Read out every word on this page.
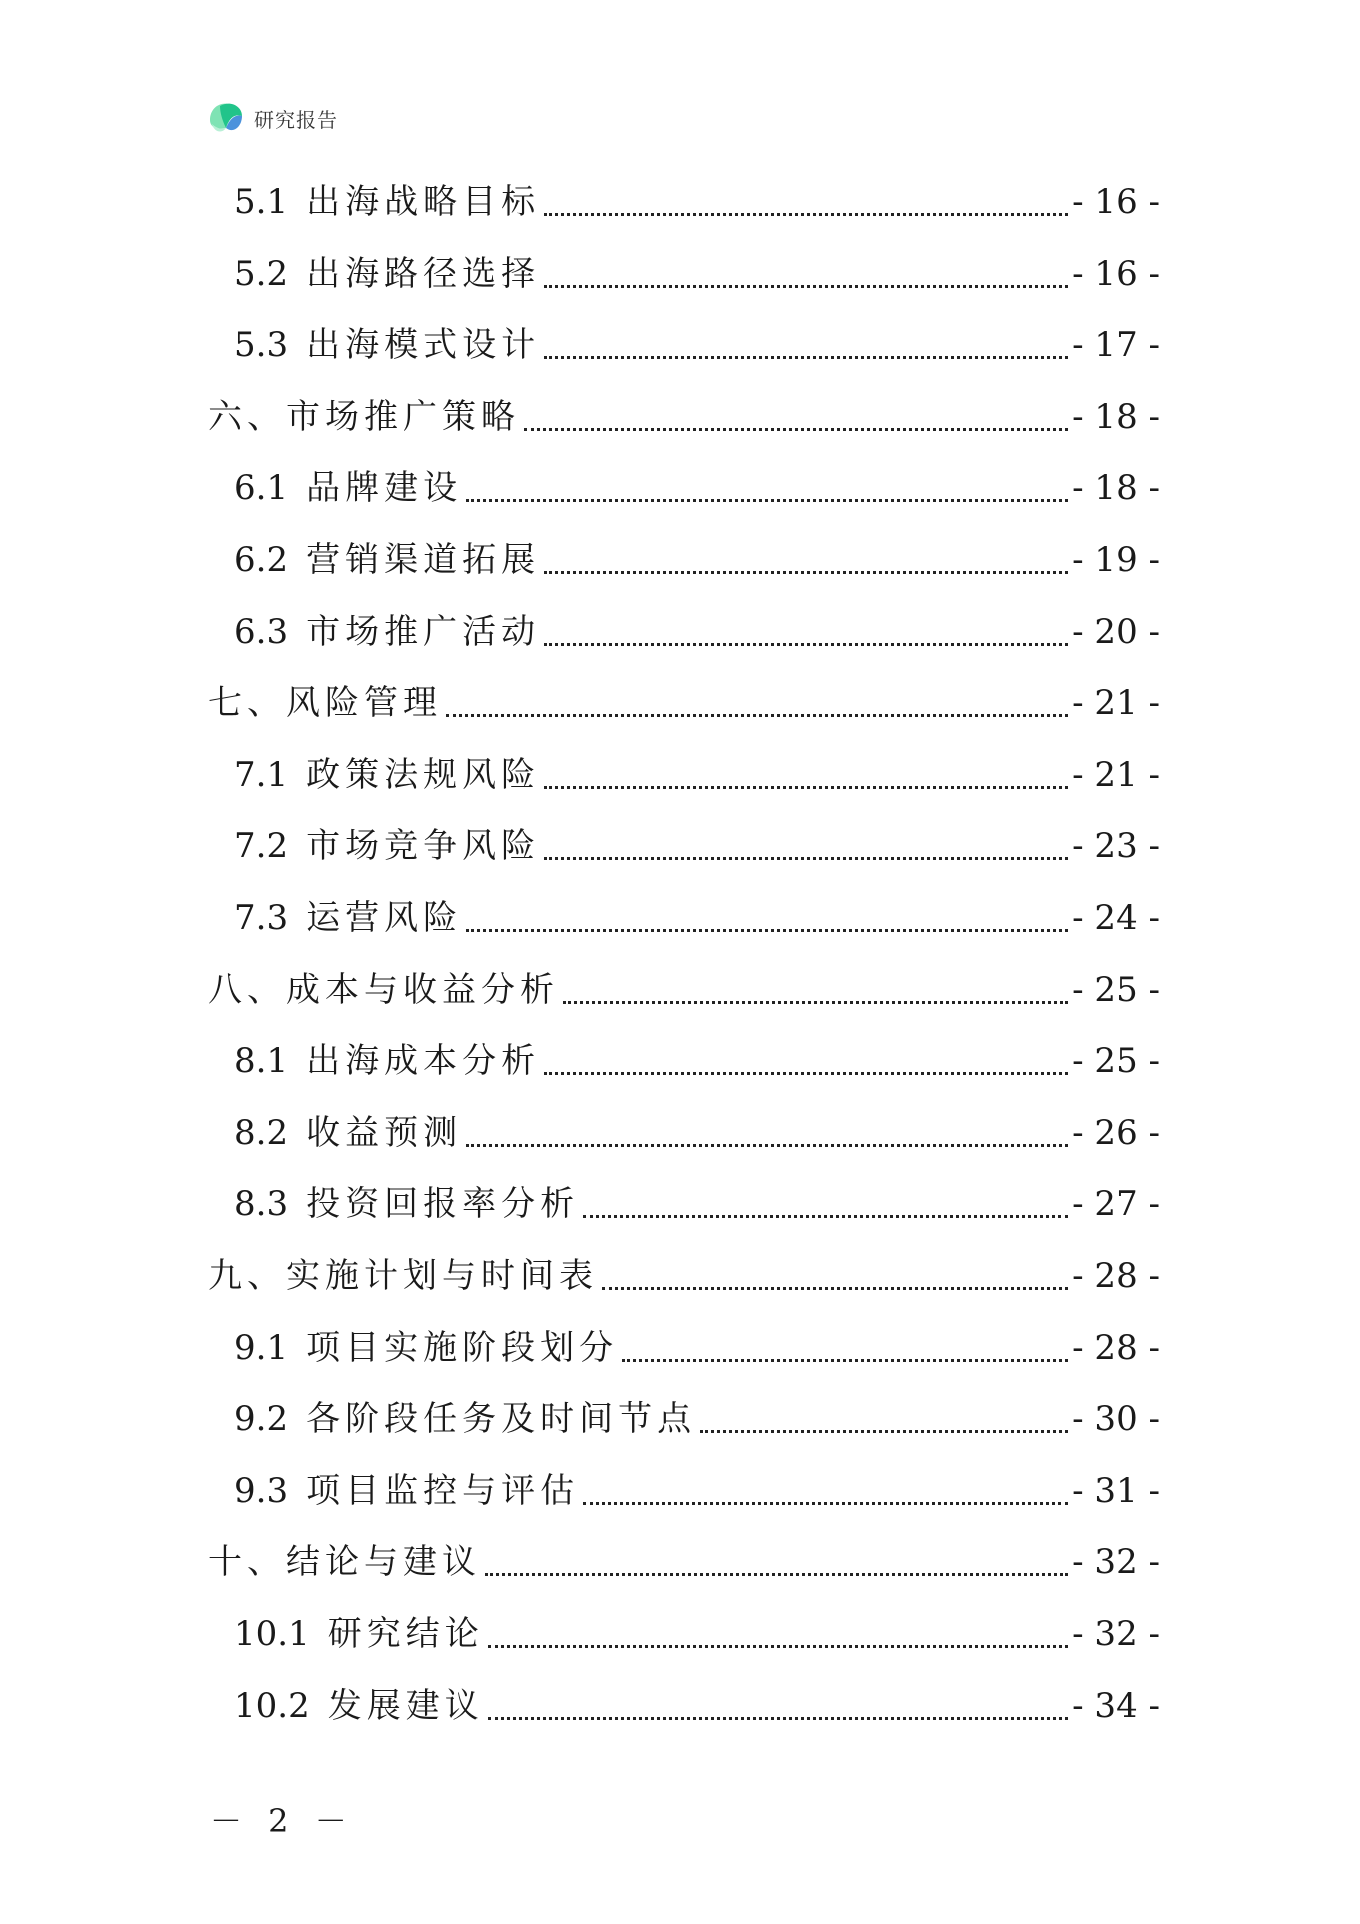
研究报告
5.1 出海战略目标	- 16 -
5.2 出海路径选择	- 16 -
5.3 出海模式设计	- 17 -
六、市场推广策略	- 18 -
6.1 品牌建设	- 18 -
6.2 营销渠道拓展	- 19 -
6.3 市场推广活动	- 20 -
七、风险管理	- 21 -
7.1 政策法规风险	- 21 -
7.2 市场竞争风险	- 23 -
7.3 运营风险	- 24 -
八、成本与收益分析	- 25 -
8.1 出海成本分析	- 25 -
8.2 收益预测	- 26 -
8.3 投资回报率分析	- 27 -
九、实施计划与时间表	- 28 -
9.1 项目实施阶段划分	- 28 -
9.2 各阶段任务及时间节点	- 30 -
9.3 项目监控与评估	- 31 -
十、结论与建议	- 32 -
10.1 研究结论	- 32 -
10.2 发展建议	- 34 -
－ 2 －
